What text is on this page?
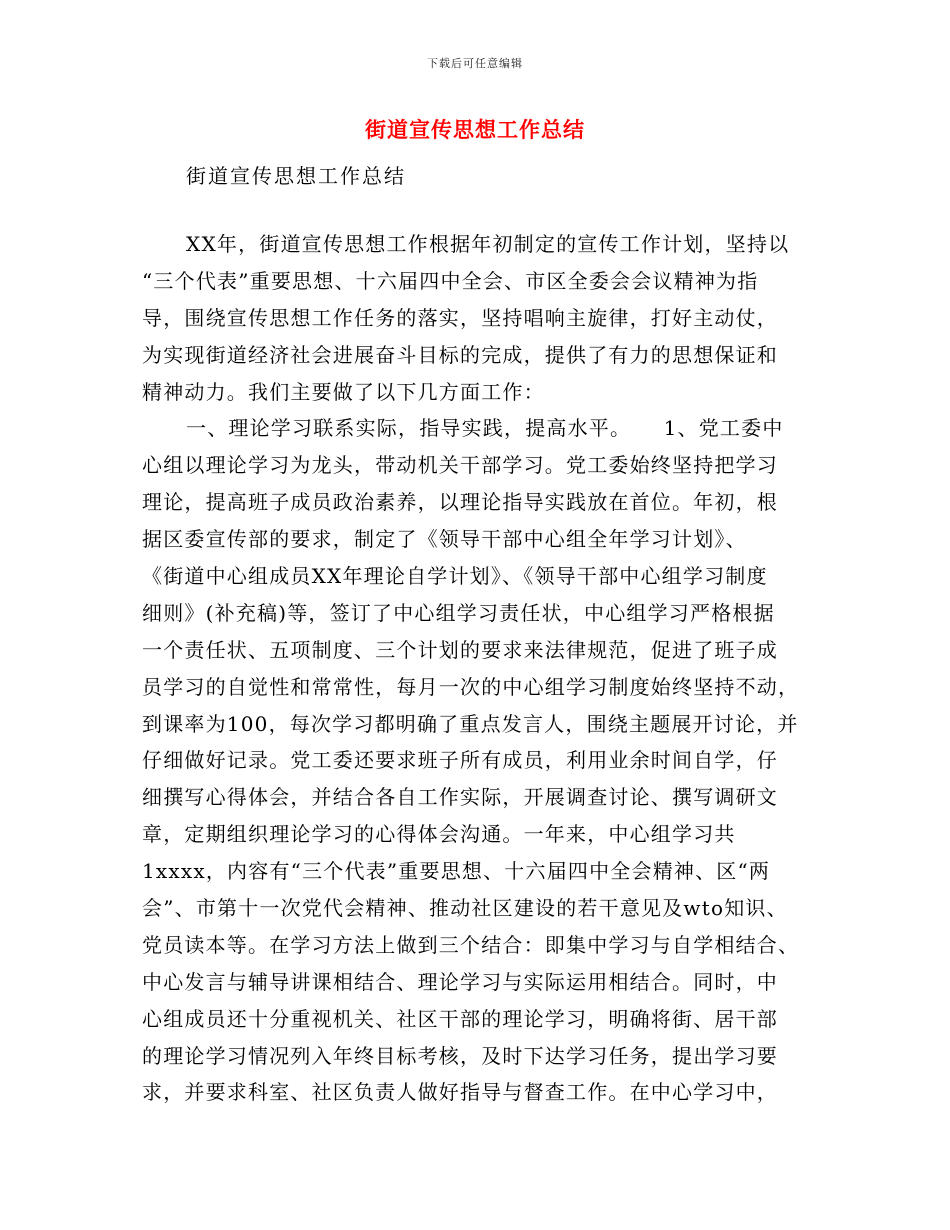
下载后可任意编辑
街道宣传思想工作总结
街道宣传思想工作总结
XX年，街道宣传思想工作根据年初制定的宣传工作计划，坚持以
“三个代表”重要思想、十六届四中全会、市区全委会会议精神为指
导，围绕宣传思想工作任务的落实，坚持唱响主旋律，打好主动仗，
为实现街道经济社会进展奋斗目标的完成，提供了有力的思想保证和
精神动力。我们主要做了以下几方面工作：
一、理论学习联系实际，指导实践，提高水平。　　1、党工委中
心组以理论学习为龙头，带动机关干部学习。党工委始终坚持把学习
理论，提高班子成员政治素养，以理论指导实践放在首位。年初，根
据区委宣传部的要求，制定了《领导干部中心组全年学习计划》、
《街道中心组成员XX年理论自学计划》、《领导干部中心组学习制度
细则》(补充稿)等，签订了中心组学习责任状，中心组学习严格根据
一个责任状、五项制度、三个计划的要求来法律规范，促进了班子成
员学习的自觉性和常常性，每月一次的中心组学习制度始终坚持不动，
到课率为100，每次学习都明确了重点发言人，围绕主题展开讨论，并
仔细做好记录。党工委还要求班子所有成员，利用业余时间自学，仔
细撰写心得体会，并结合各自工作实际，开展调查讨论、撰写调研文
章，定期组织理论学习的心得体会沟通。一年来，中心组学习共
1xxxx，内容有“三个代表”重要思想、十六届四中全会精神、区“两
会”、市第十一次党代会精神、推动社区建设的若干意见及wto知识、
党员读本等。在学习方法上做到三个结合：即集中学习与自学相结合、
中心发言与辅导讲课相结合、理论学习与实际运用相结合。同时，中
心组成员还十分重视机关、社区干部的理论学习，明确将街、居干部
的理论学习情况列入年终目标考核，及时下达学习任务，提出学习要
求，并要求科室、社区负责人做好指导与督查工作。在中心学习中，
